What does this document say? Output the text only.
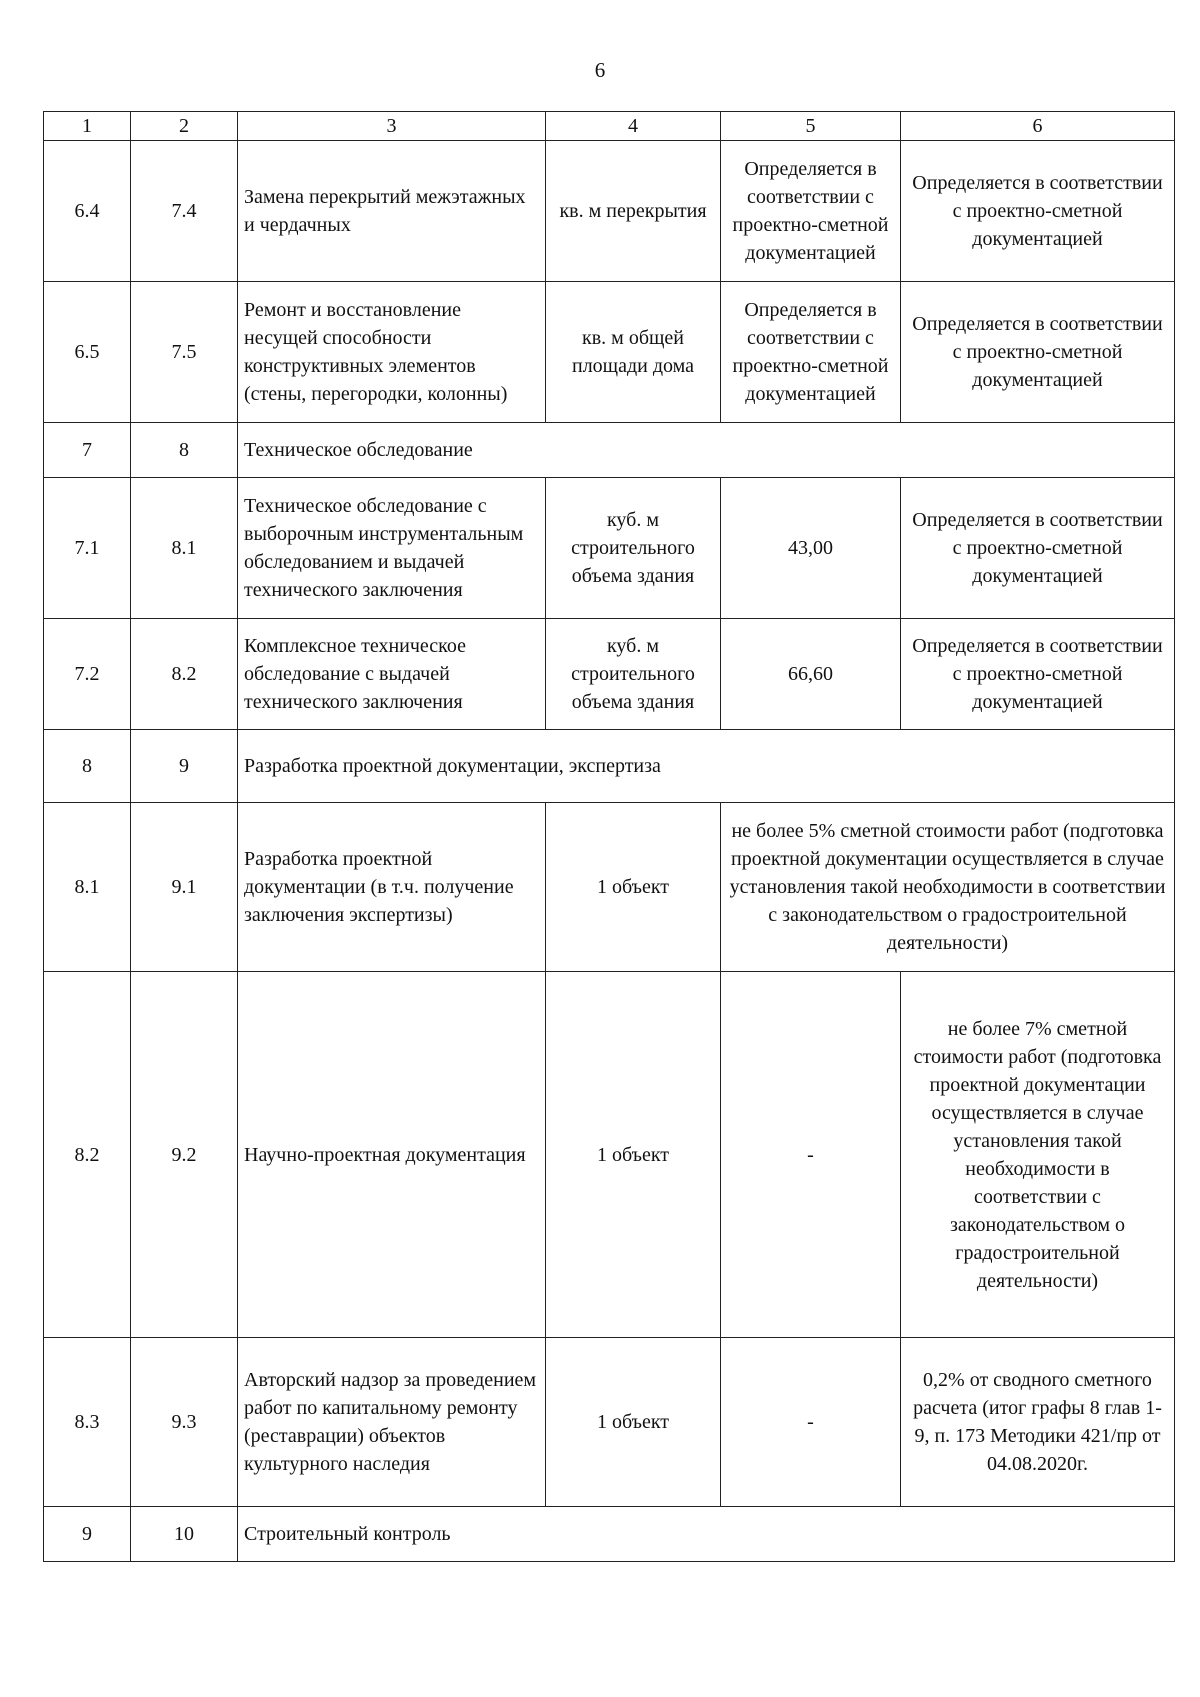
6
1	2	3	4	5	6
6.4	7.4	Замена перекрытий межэтажных и чердачных	кв. м перекрытия	Определяется в соответствии с проектно-сметной документацией	Определяется в соответствии с проектно-сметной документацией
6.5	7.5	Ремонт и восстановление несущей способности конструктивных элементов (стены, перегородки, колонны)	кв. м общей площади дома	Определяется в соответствии с проектно-сметной документацией	Определяется в соответствии с проектно-сметной документацией
7	8	Техническое обследование			
7.1	8.1	Техническое обследование с выборочным инструментальным обследованием и выдачей технического заключения	куб. м строительного объема здания	43,00	Определяется в соответствии с проектно-сметной документацией
7.2	8.2	Комплексное техническое обследование с выдачей технического заключения	куб. м строительного объема здания	66,60	Определяется в соответствии с проектно-сметной документацией
8	9	Разработка проектной документации, экспертиза			
8.1	9.1	Разработка проектной документации (в т.ч. получение заключения экспертизы)	1 объект	не более 5% сметной стоимости работ (подготовка проектной документации осуществляется в случае установления такой необходимости в соответствии с законодательством о градостроительной деятельности)	
8.2	9.2	Научно-проектная документация	1 объект	-	не более 7% сметной стоимости работ (подготовка проектной документации осуществляется в случае установления такой необходимости в соответствии с законодательством о градостроительной деятельности)
8.3	9.3	Авторский надзор за проведением работ по капитальному ремонту (реставрации) объектов культурного наследия	1 объект	-	0,2% от сводного сметного расчета (итог графы 8 глав 1-9, п. 173 Методики 421/пр от 04.08.2020г.
9	10	Строительный контроль			
